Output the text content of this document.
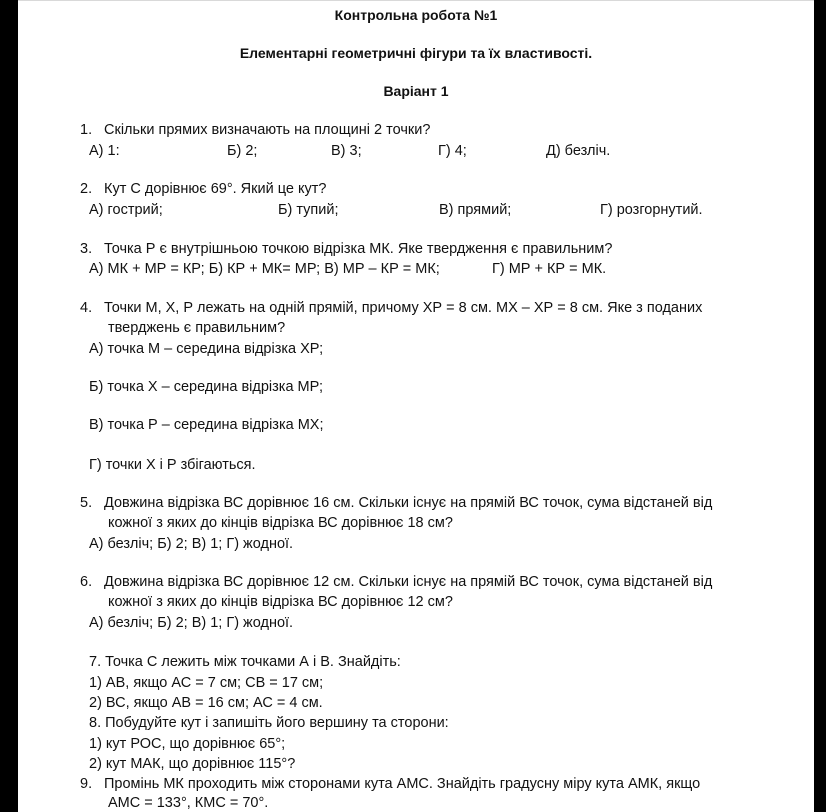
Контрольна робота №1
Елементарні геометричні фігури та їх властивості.
Варіант 1
1. Скільки прямих визначають на площині 2 точки?
А) 1:	Б) 2;	В) 3;	Г) 4;	Д) безліч.
2. Кут С дорівнює 69°. Який це кут?
А) гострий;	Б) тупий;	В) прямий;	Г) розгорнутий.
3. Точка Р є внутрішньою точкою відрізка МК. Яке твердження є правильним?
А) МК + МР = КР; Б) КР + МК= МР; В) МР – КР = МК;	Г) МР + КР = МК.
4. Точки М, Х, Р лежать на одній прямій, причому ХР = 8 см. МХ – ХР = 8 см. Яке з поданих
тверджень є правильним?
А) точка М – середина відрізка ХР;
Б) точка Х – середина відрізка МР;
В) точка Р – середина відрізка МХ;
Г) точки Х і Р збігаються.
5. Довжина відрізка ВС дорівнює 16 см. Скільки існує на прямій ВС точок, сума відстаней від
кожної з яких до кінців відрізка ВС дорівнює 18 см?
А) безліч; Б) 2; В) 1; Г) жодної.
6. Довжина відрізка ВС дорівнює 12 см. Скільки існує на прямій ВС точок, сума відстаней від
кожної з яких до кінців відрізка ВС дорівнює 12 см?
А) безліч; Б) 2; В) 1; Г) жодної.
7. Точка С лежить між точками А і В. Знайдіть:
1) АВ, якщо АС = 7 см; СВ = 17 см;
2) ВС, якщо АВ = 16 см; АС = 4 см.
8. Побудуйте кут і запишіть його вершину та сторони:
1) кут РОС, що дорівнює 65°;
2) кут МАК, що дорівнює 115°?
9. Промінь МК проходить між сторонами кута АМС. Знайдіть градусну міру кута АМК, якщо
АМС = 133°, КМС = 70°.
